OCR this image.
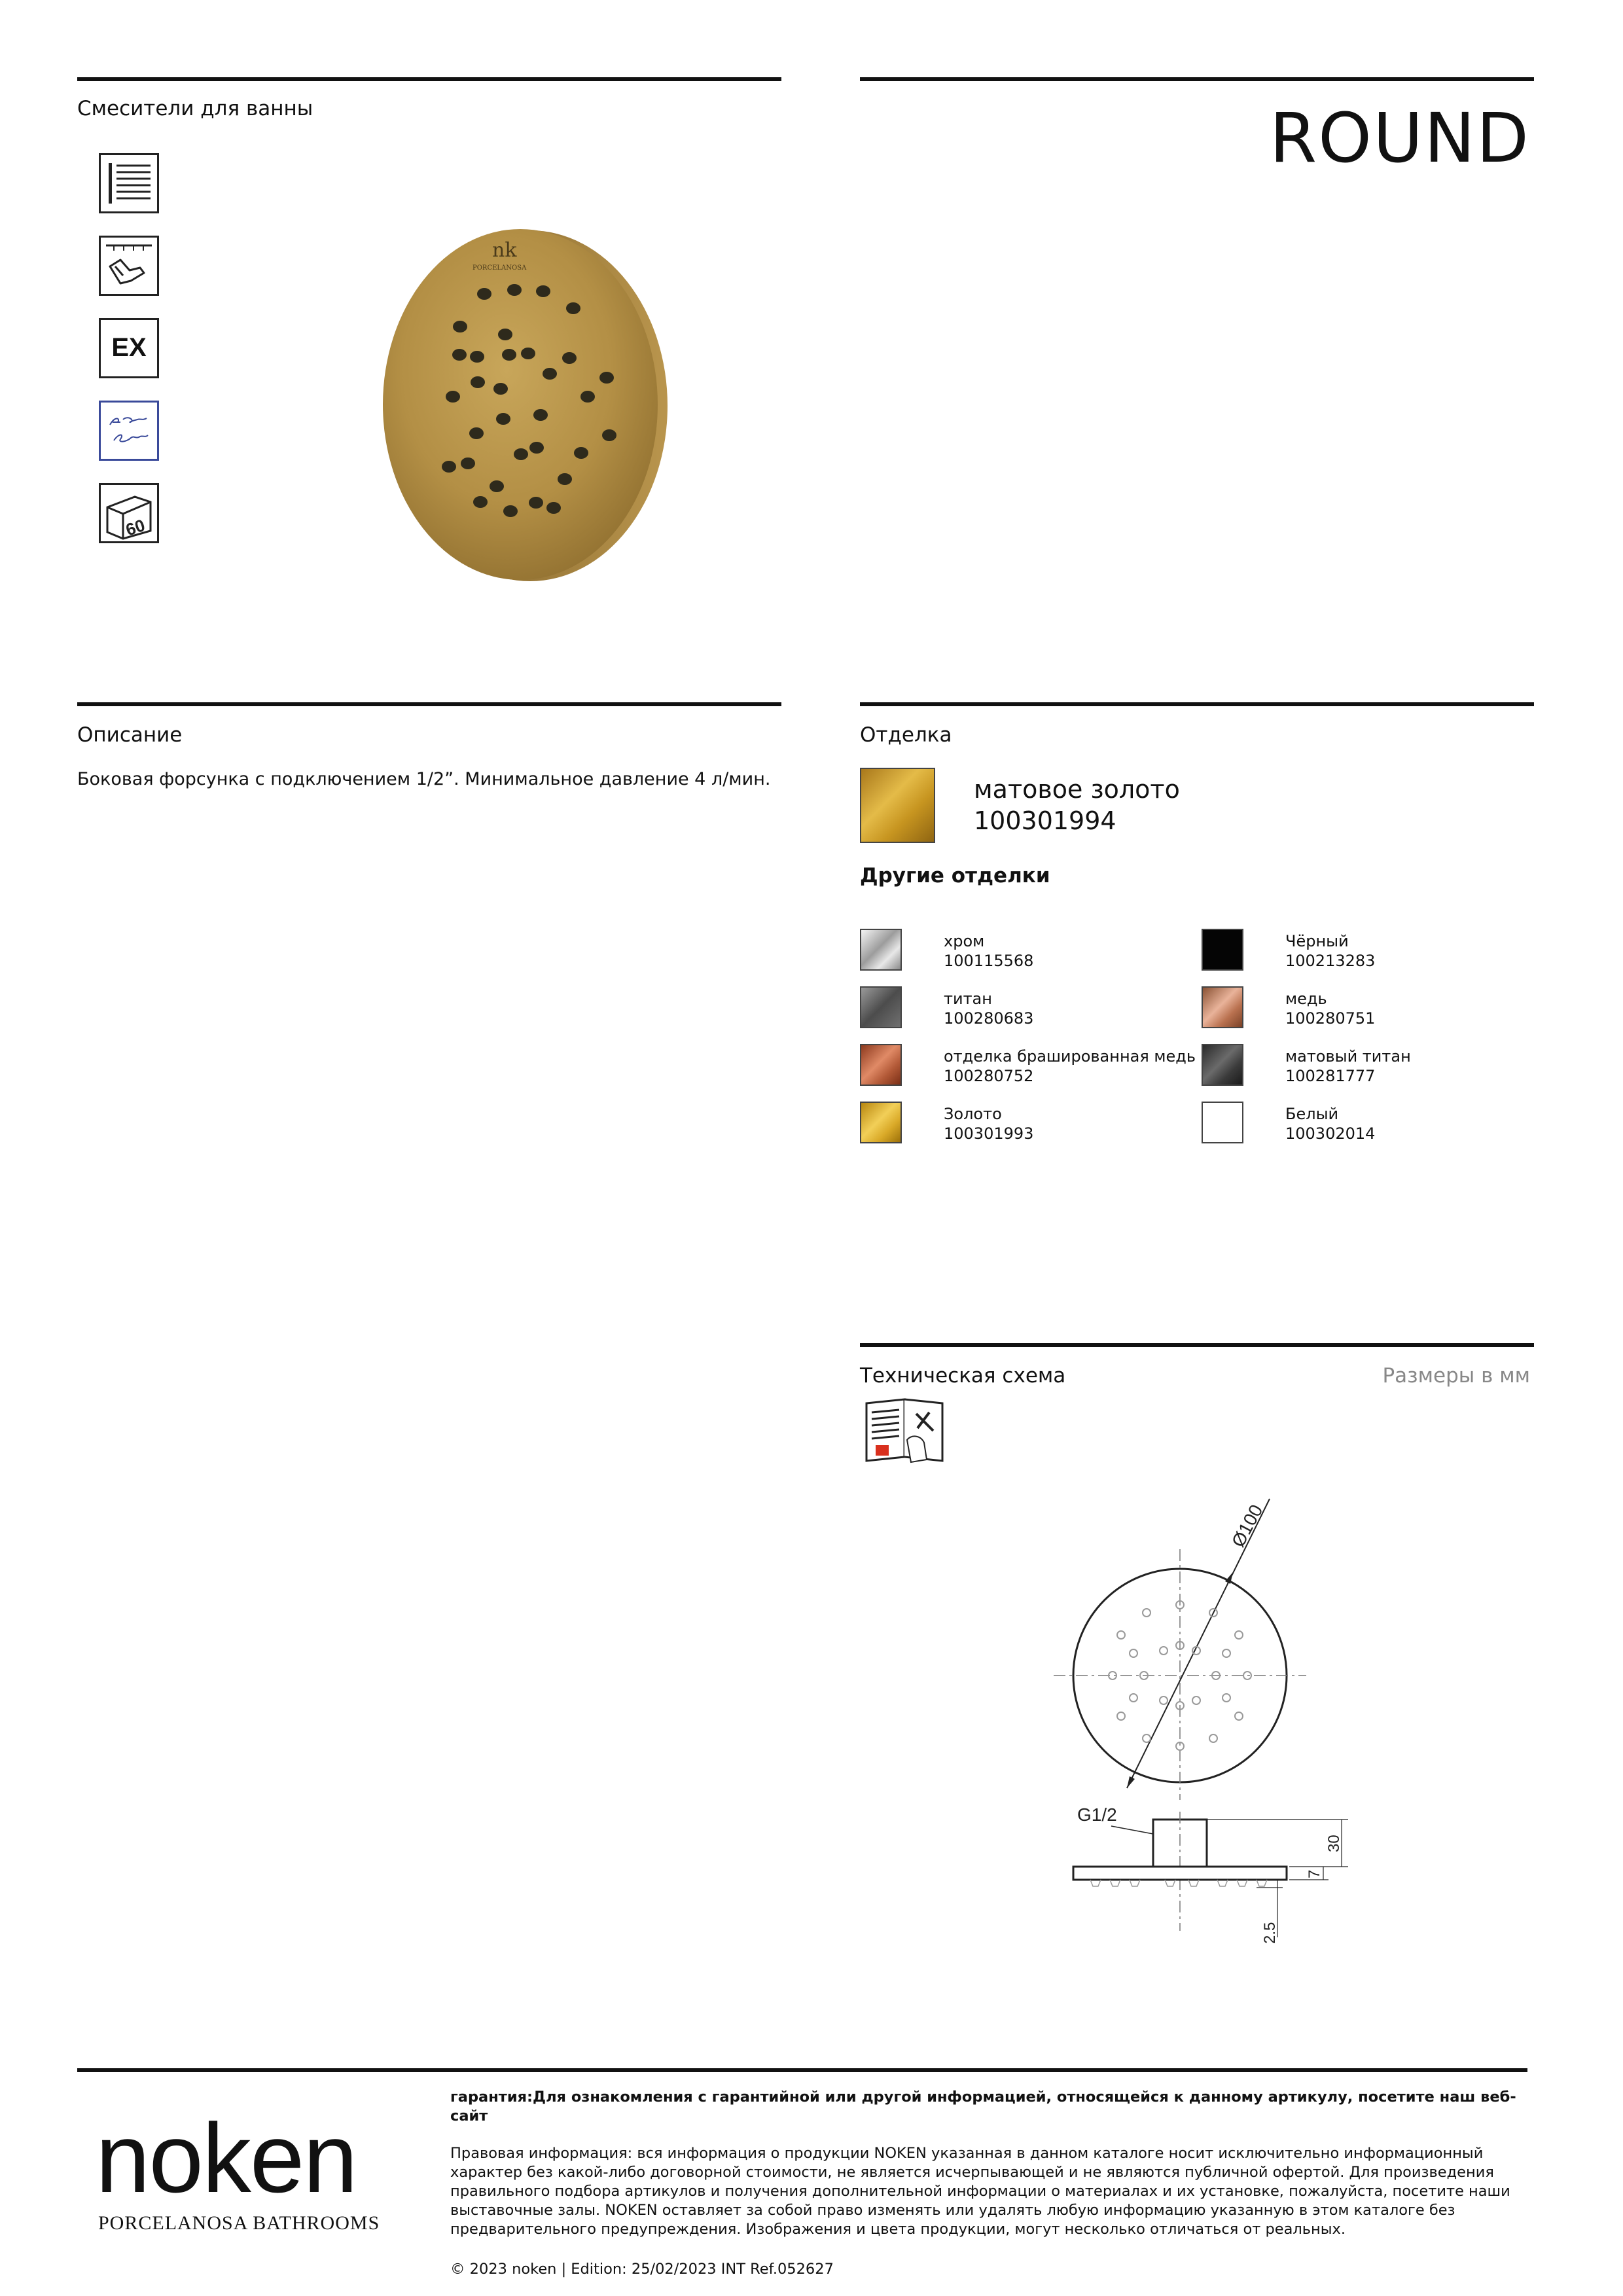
Смесители для ванны	ROUND
EX
60
nk
PORCELANOSA
Описание
Боковая форсунка с подключением 1/2”. Минимальное давление 4 л/мин.
Отделка
матовое золото
100301994
Другие отделки
хром
100115568
Чёрный
100213283
титан
100280683
медь
100280751
отделка брашированная медь
100280752
матовый титан
100281777
Золото
100301993
Белый
100302014
Техническая схема	Размеры в мм
Ø100
G1/2
30
7
2.5
noken
PORCELANOSA BATHROOMS
гарантия:Для ознакомления с гарантийной или другой информацией, относящейся к данному артикулу, посетите наш веб-сайт
Правовая информация: вся информация о продукции NOKEN указанная в данном каталоге носит исключительно информационный характер без какой-либо договорной стоимости, не является исчерпывающей и не являются публичной офертой. Для произведения правильного подбора артикулов и получения дополнительной информации о материалах и их установке, пожалуйста, посетите наши выставочные залы. NOKEN оставляет за собой право изменять или удалять любую информацию указанную в этом каталоге без предварительного предупреждения. Изображения и цвета продукции, могут несколько отличаться от реальных.
© 2023 noken | Edition: 25/02/2023 INT Ref.052627
